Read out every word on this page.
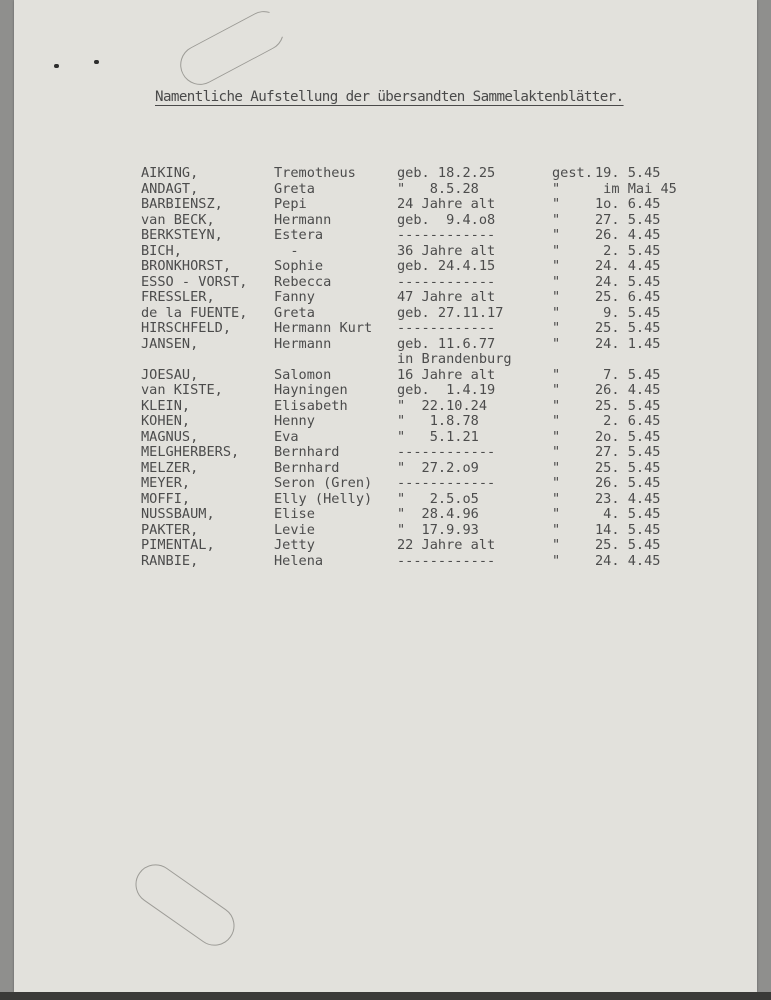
Namentliche Aufstellung der übersandten Sammelaktenblätter.
AIKING,	Tremotheus	geb. 18.2.25	gest. 19. 5.45
ANDAGT,	Greta	"   8.5.28	"	im Mai 45
BARBIENSZ,	Pepi	24 Jahre alt	"	1o. 6.45
van BECK,	Hermann	geb.  9.4.o8	"	27. 5.45
BERKSTEYN,	Estera	------------	"	26. 4.45
BICH,	-	36 Jahre alt	"	2. 5.45
BRONKHORST,	Sophie	geb. 24.4.15	"	24. 4.45
ESSO - VORST, Rebecca	------------	"	24. 5.45
FRESSLER,	Fanny	47 Jahre alt	"	25. 6.45
de la FUENTE, Greta	geb. 27.11.17	"	9. 5.45
HIRSCHFELD,	Hermann Kurt ------------	"	25. 5.45
JANSEN,	Hermann	geb. 11.6.77	"	24. 1.45
in Brandenburg
JOESAU,	Salomon	16 Jahre alt	"	7. 5.45
van KISTE,	Hayningen	geb.  1.4.19	"	26. 4.45
KLEIN,	Elisabeth	"  22.10.24	"	25. 5.45
KOHEN,	Henny	"   1.8.78	"	2. 6.45
MAGNUS,	Eva	"   5.1.21	"	2o. 5.45
MELGHERBERS,	Bernhard	------------	"	27. 5.45
MELZER,	Bernhard	"  27.2.o9	"	25. 5.45
MEYER,	Seron (Gren) ------------	"	26. 5.45
MOFFI,	Elly (Helly) "   2.5.o5	"	23. 4.45
NUSSBAUM,	Elise	"  28.4.96	"	4. 5.45
PAKTER,	Levie	"  17.9.93	"	14. 5.45
PIMENTAL,	Jetty	22 Jahre alt	"	25. 5.45
RANBIE,	Helena	------------	"	24. 4.45
